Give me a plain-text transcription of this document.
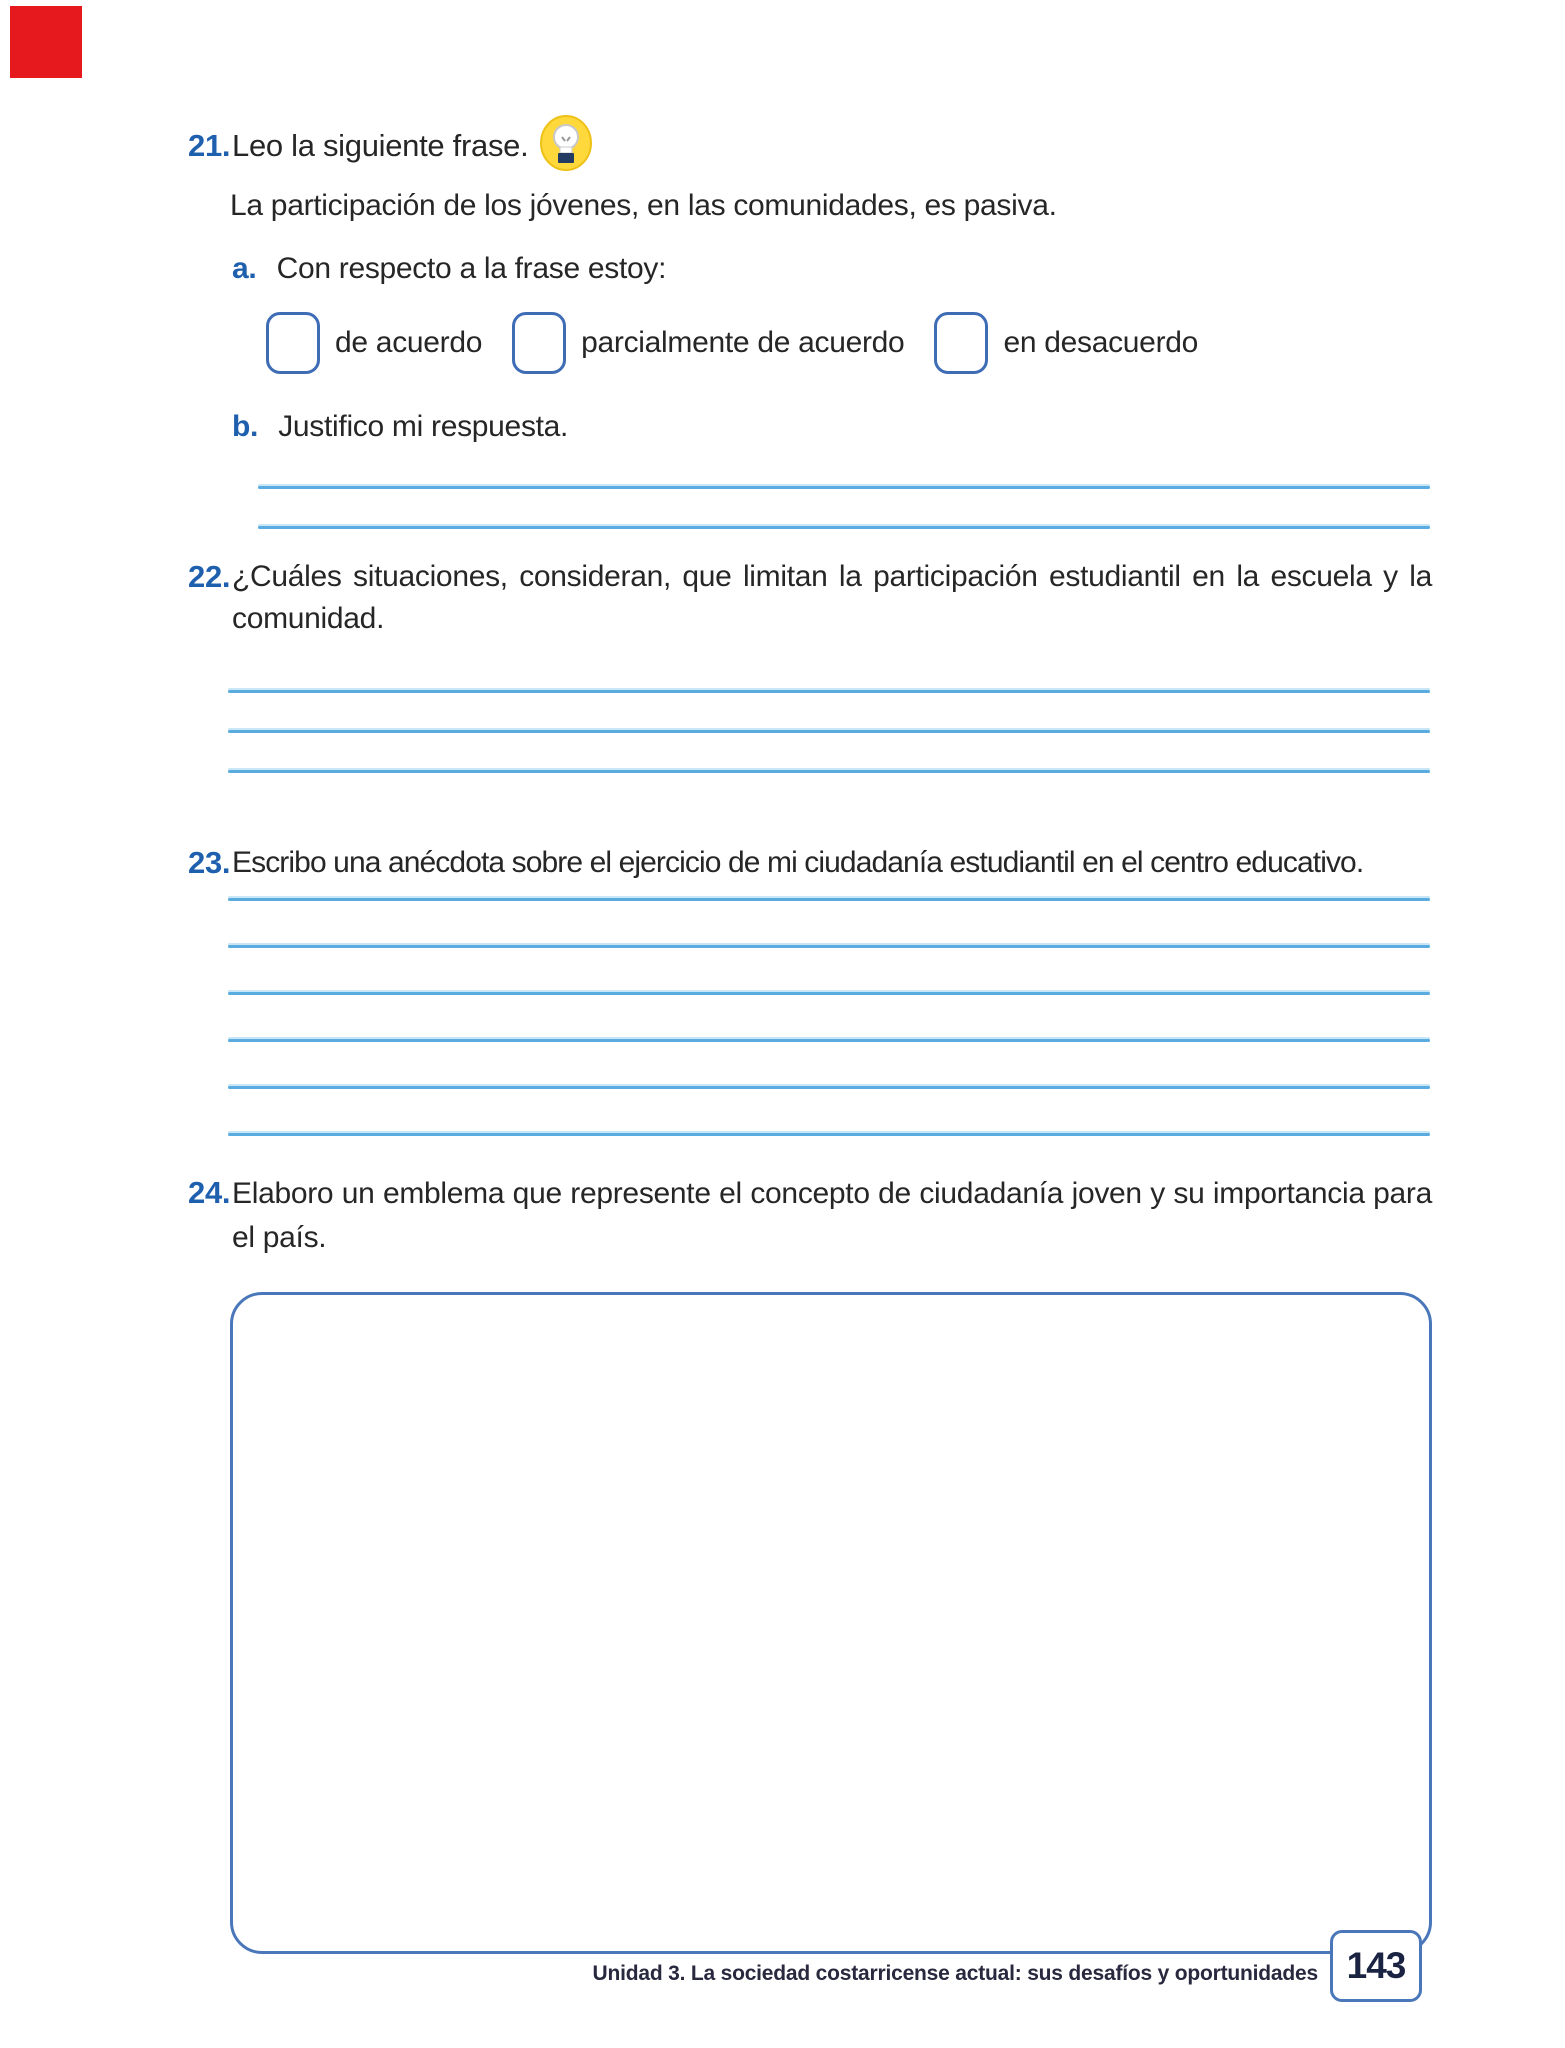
21. Leo la siguiente frase.
La participación de los jóvenes, en las comunidades, es pasiva.
a. Con respecto a la frase estoy:
de acuerdo	parcialmente de acuerdo	en desacuerdo
b. Justifico mi respuesta.
22. ¿Cuáles situaciones, consideran, que limitan la participación estudiantil en la escuela y la comunidad.
23. Escribo una anécdota sobre el ejercicio de mi ciudadanía estudiantil en el centro educativo.
24. Elaboro un emblema que represente el concepto de ciudadanía joven y su importancia para el país.
Unidad 3. La sociedad costarricense actual: sus desafíos y oportunidades 143
